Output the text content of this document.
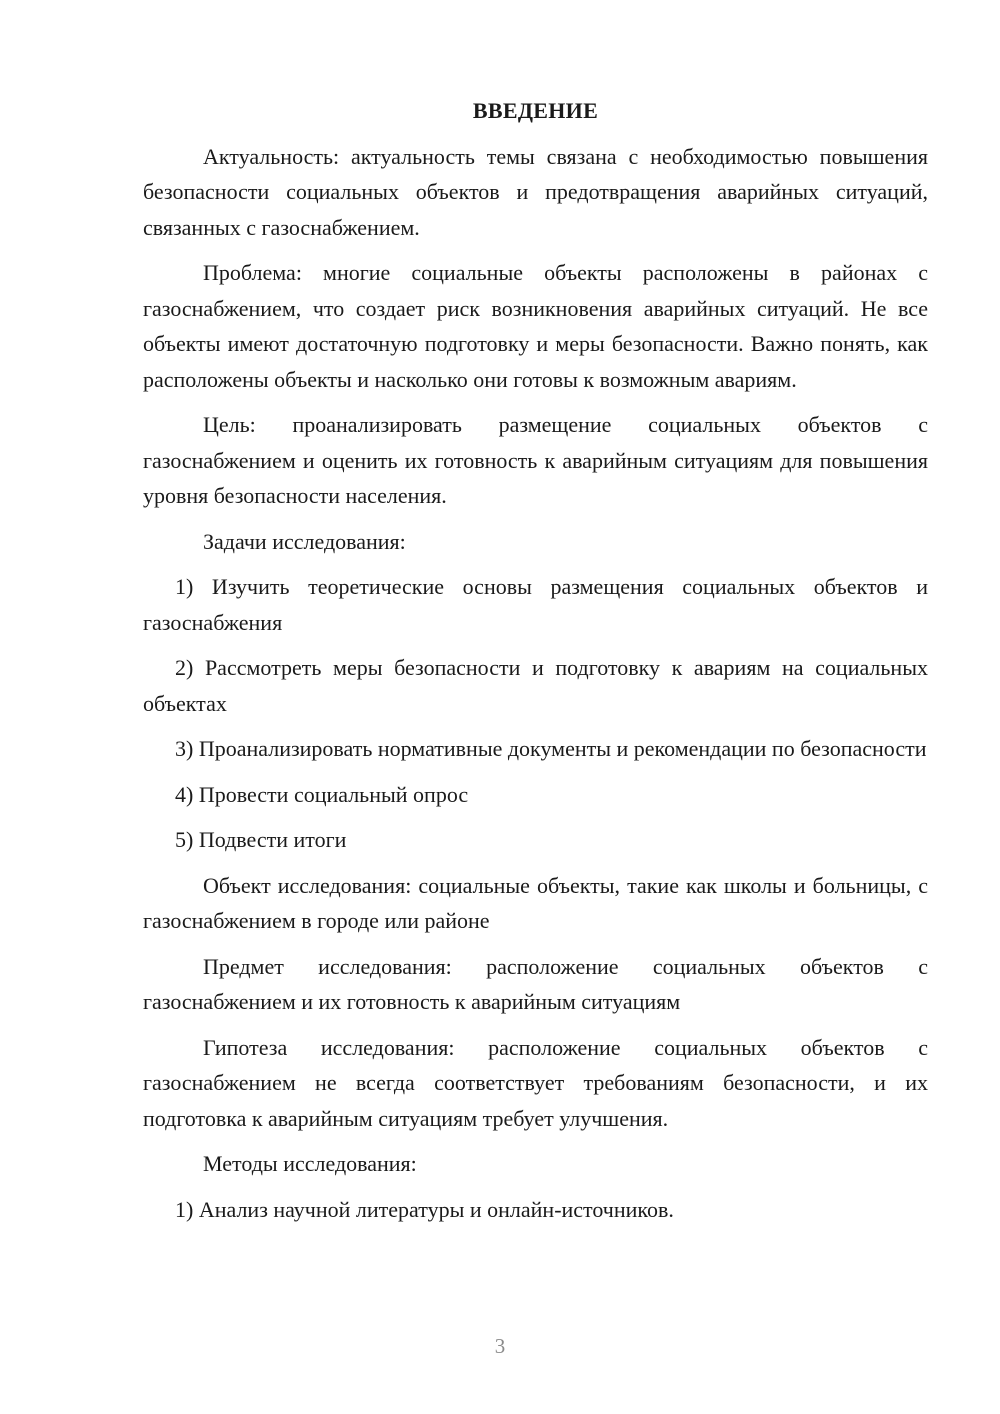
ВВЕДЕНИЕ
Актуальность: актуальность темы связана с необходимостью повышения безопасности социальных объектов и предотвращения аварийных ситуаций, связанных с газоснабжением.
Проблема: многие социальные объекты расположены в районах с газоснабжением, что создает риск возникновения аварийных ситуаций. Не все объекты имеют достаточную подготовку и меры безопасности. Важно понять, как расположены объекты и насколько они готовы к возможным авариям.
Цель: проанализировать размещение социальных объектов с газоснабжением и оценить их готовность к аварийным ситуациям для повышения уровня безопасности населения.
Задачи исследования:
1) Изучить теоретические основы размещения социальных объектов и газоснабжения
2) Рассмотреть меры безопасности и подготовку к авариям на социальных объектах
3) Проанализировать нормативные документы и рекомендации по безопасности
4) Провести социальный опрос
5) Подвести итоги
Объект исследования: социальные объекты, такие как школы и больницы, с газоснабжением в городе или районе
Предмет исследования: расположение социальных объектов с газоснабжением и их готовность к аварийным ситуациям
Гипотеза исследования: расположение социальных объектов с газоснабжением не всегда соответствует требованиям безопасности, и их подготовка к аварийным ситуациям требует улучшения.
Методы исследования:
1) Анализ научной литературы и онлайн-источников.
3
